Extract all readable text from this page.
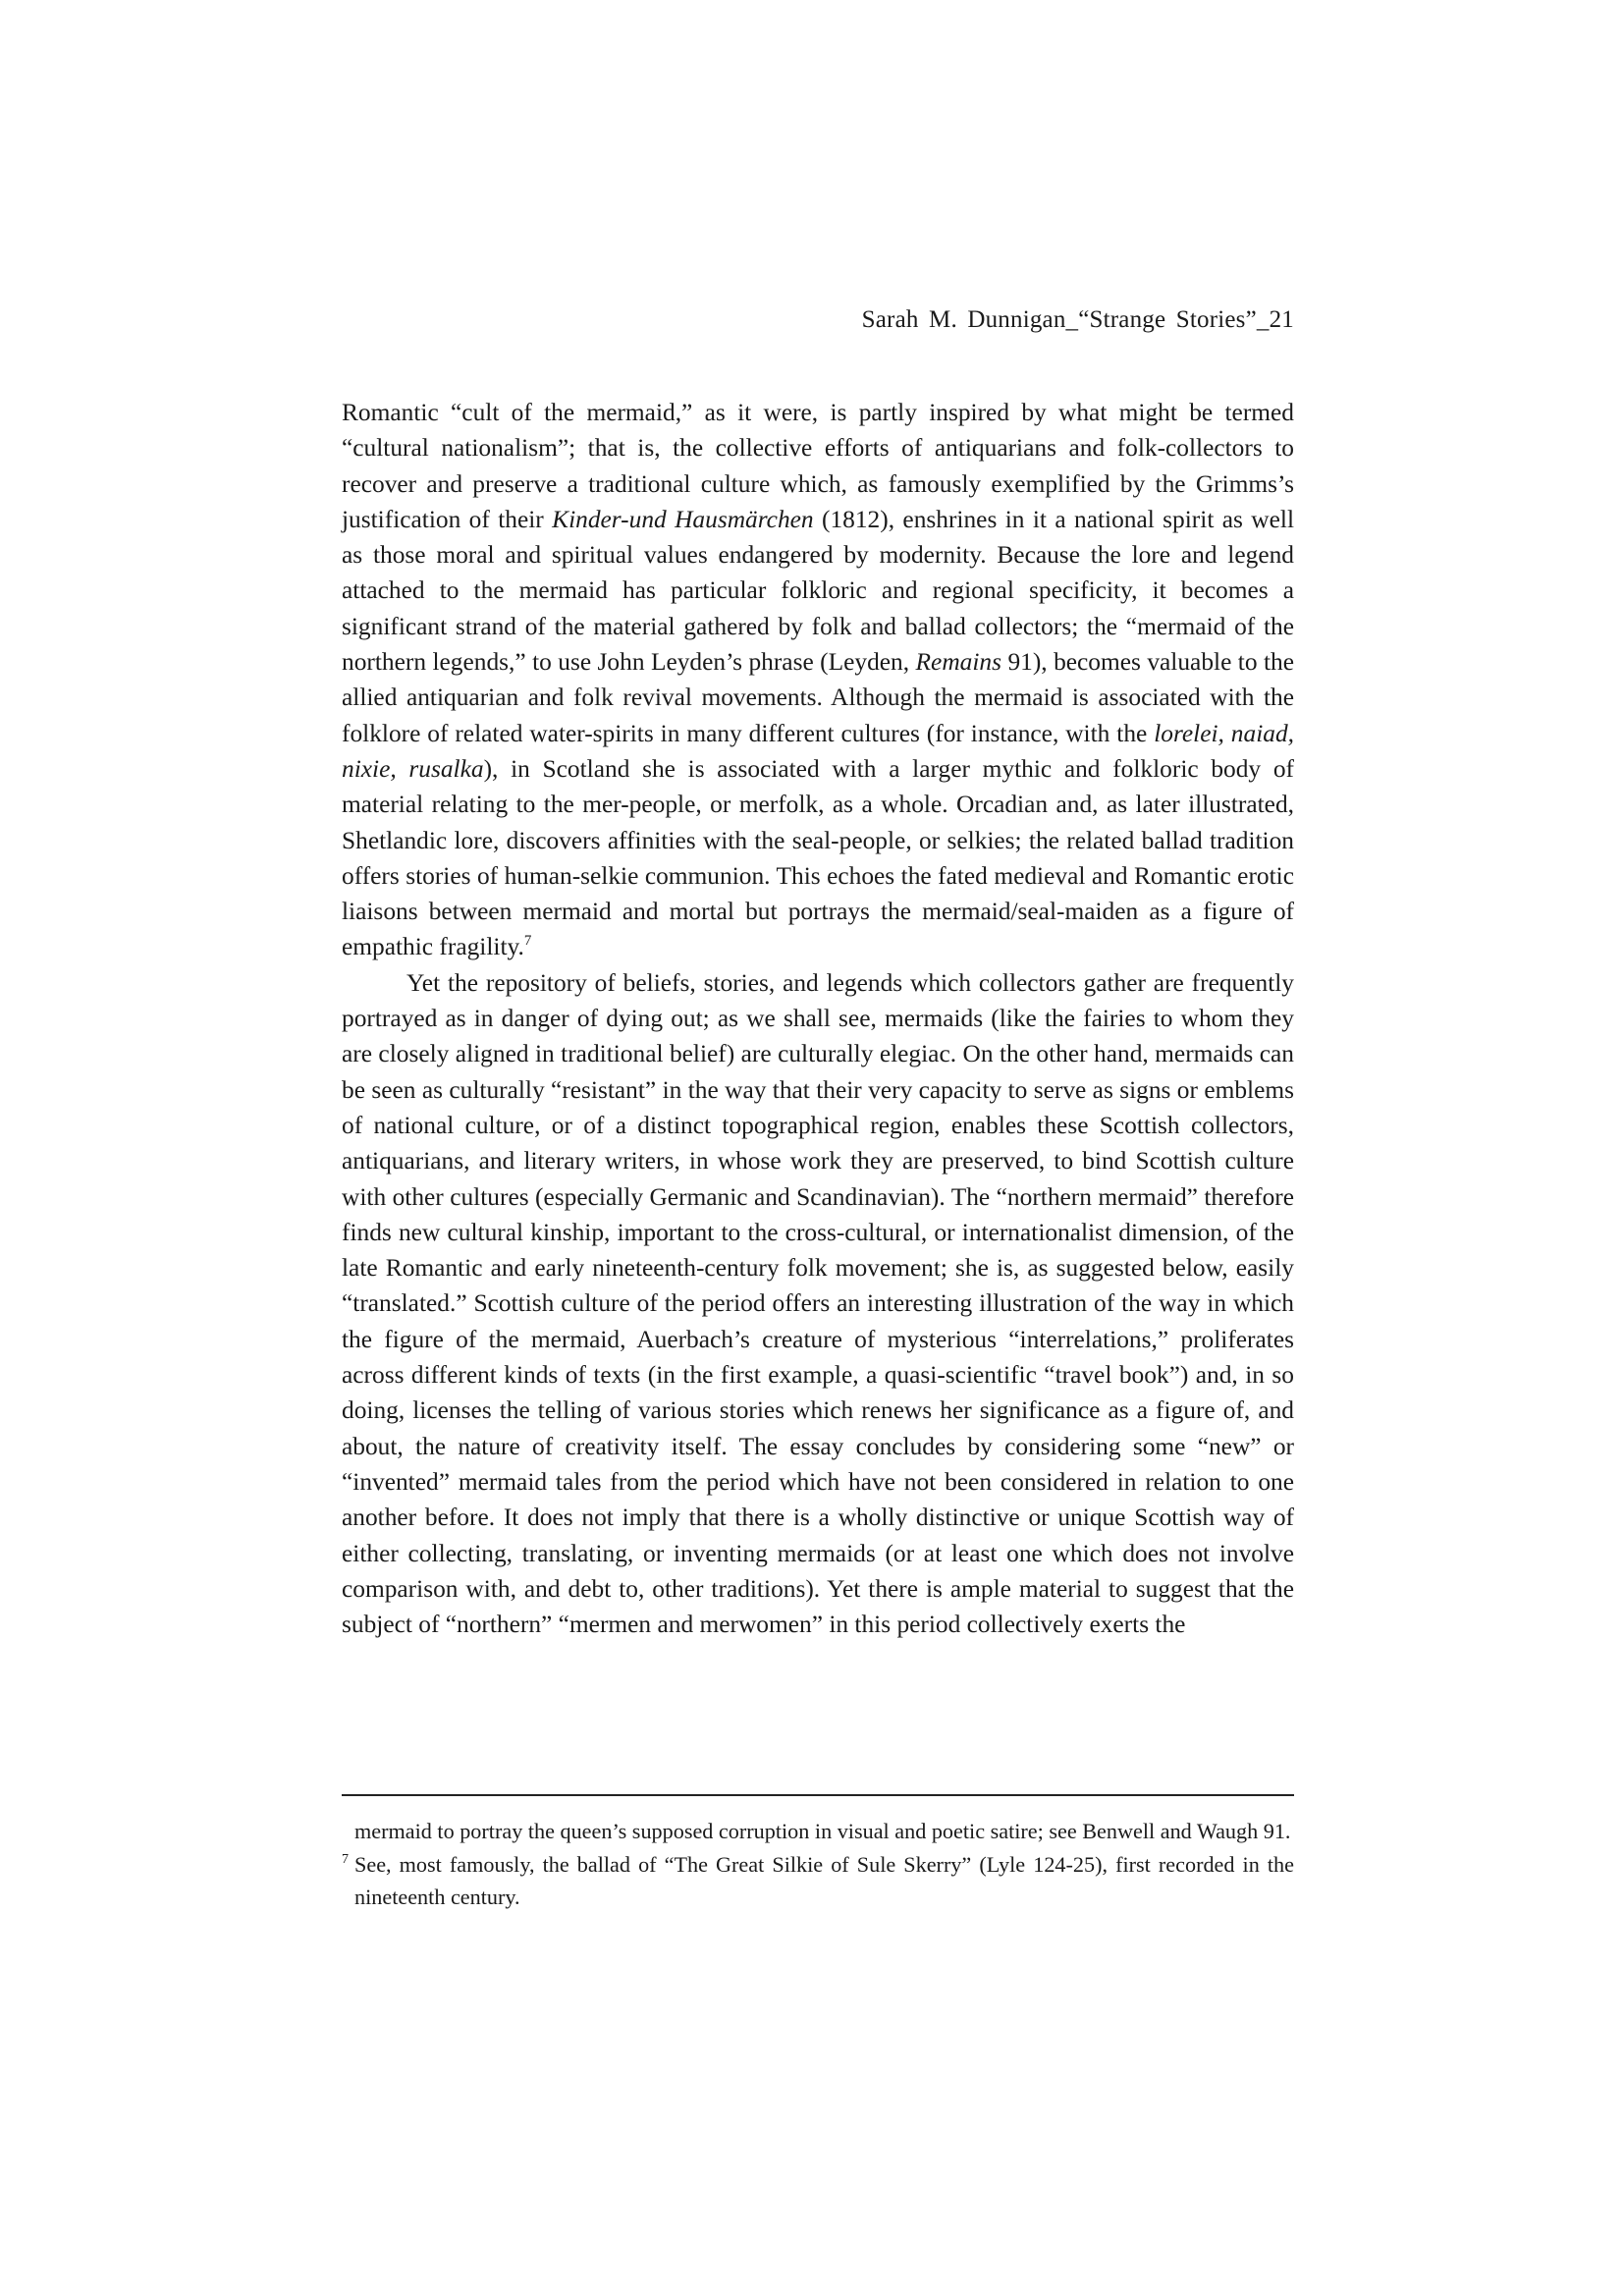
Sarah M. Dunnigan_“Strange Stories”_21

Romantic “cult of the mermaid,” as it were, is partly inspired by what might be termed “cultural nationalism”; that is, the collective efforts of antiquarians and folk-collectors to recover and preserve a traditional culture which, as famously exemplified by the Grimms’s justification of their Kinder-und Hausmärchen (1812), enshrines in it a national spirit as well as those moral and spiritual values endangered by modernity. Because the lore and legend attached to the mermaid has particular folkloric and regional specificity, it becomes a significant strand of the material gathered by folk and ballad collectors; the “mermaid of the northern legends,” to use John Leyden’s phrase (Leyden, Remains 91), becomes valuable to the allied antiquarian and folk revival movements. Although the mermaid is associated with the folklore of related water-spirits in many different cultures (for instance, with the lorelei, naiad, nixie, rusalka), in Scotland she is associated with a larger mythic and folkloric body of material relating to the mer-people, or merfolk, as a whole. Orcadian and, as later illustrated, Shetlandic lore, discovers affinities with the seal-people, or selkies; the related ballad tradition offers stories of human-selkie communion. This echoes the fated medieval and Romantic erotic liaisons between mermaid and mortal but portrays the mermaid/seal-maiden as a figure of empathic fragility.$^7$

Yet the repository of beliefs, stories, and legends which collectors gather are frequently portrayed as in danger of dying out; as we shall see, mermaids (like the fairies to whom they are closely aligned in traditional belief) are culturally elegiac. On the other hand, mermaids can be seen as culturally “resistant” in the way that their very capacity to serve as signs or emblems of national culture, or of a distinct topographical region, enables these Scottish collectors, antiquarians, and literary writers, in whose work they are preserved, to bind Scottish culture with other cultures (especially Germanic and Scandinavian). The “northern mermaid” therefore finds new cultural kinship, important to the cross-cultural, or internationalist dimension, of the late Romantic and early nineteenth-century folk movement; she is, as suggested below, easily “translated.” Scottish culture of the period offers an interesting illustration of the way in which the figure of the mermaid, Auerbach’s creature of mysterious “interrelations,” proliferates across different kinds of texts (in the first example, a quasi-scientific “travel book”) and, in so doing, licenses the telling of various stories which renews her significance as a figure of, and about, the nature of creativity itself. The essay concludes by considering some “new” or “invented” mermaid tales from the period which have not been considered in relation to one another before. It does not imply that there is a wholly distinctive or unique Scottish way of either collecting, translating, or inventing mermaids (or at least one which does not involve comparison with, and debt to, other traditions). Yet there is ample material to suggest that the subject of “northern” “mermen and merwomen” in this period collectively exerts the

mermaid to portray the queen’s supposed corruption in visual and poetic satire; see Benwell and Waugh 91.

$^7$ See, most famously, the ballad of “The Great Silkie of Sule Skerry” (Lyle 124-25), first recorded in the nineteenth century.
